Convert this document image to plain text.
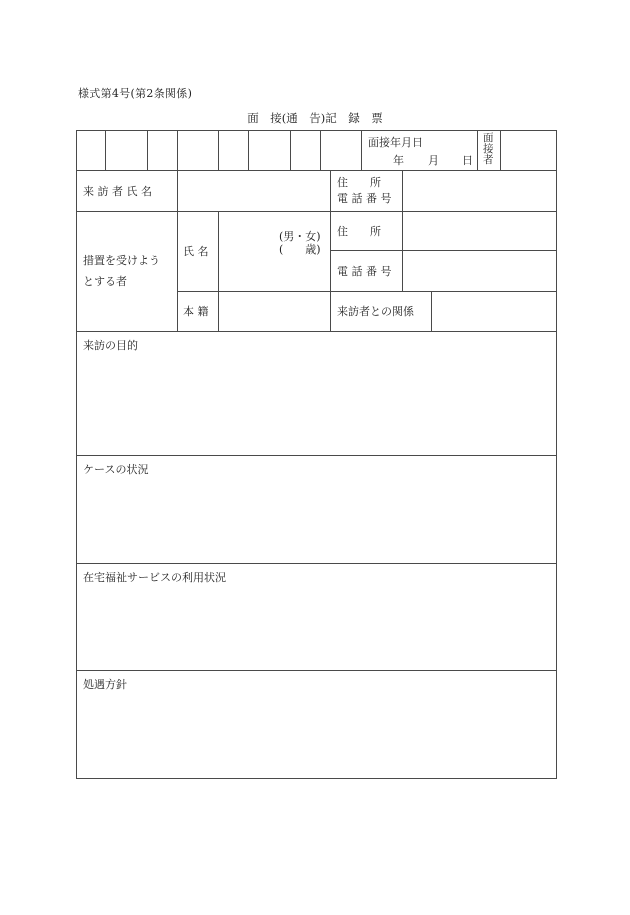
様式第4号(第2条関係)
面　接(通　告)記　録　票
面接年月日
年 月 日
面
接
者
来 訪 者 氏 名
住　　所
電 話 番 号
措置を受けよう
とする者
氏 名
(男・女)
(　　歳)
住　　所
電 話 番 号
本 籍	来訪者との関係
来訪の目的
ケースの状況
在宅福祉サービスの利用状況
処遇方針
